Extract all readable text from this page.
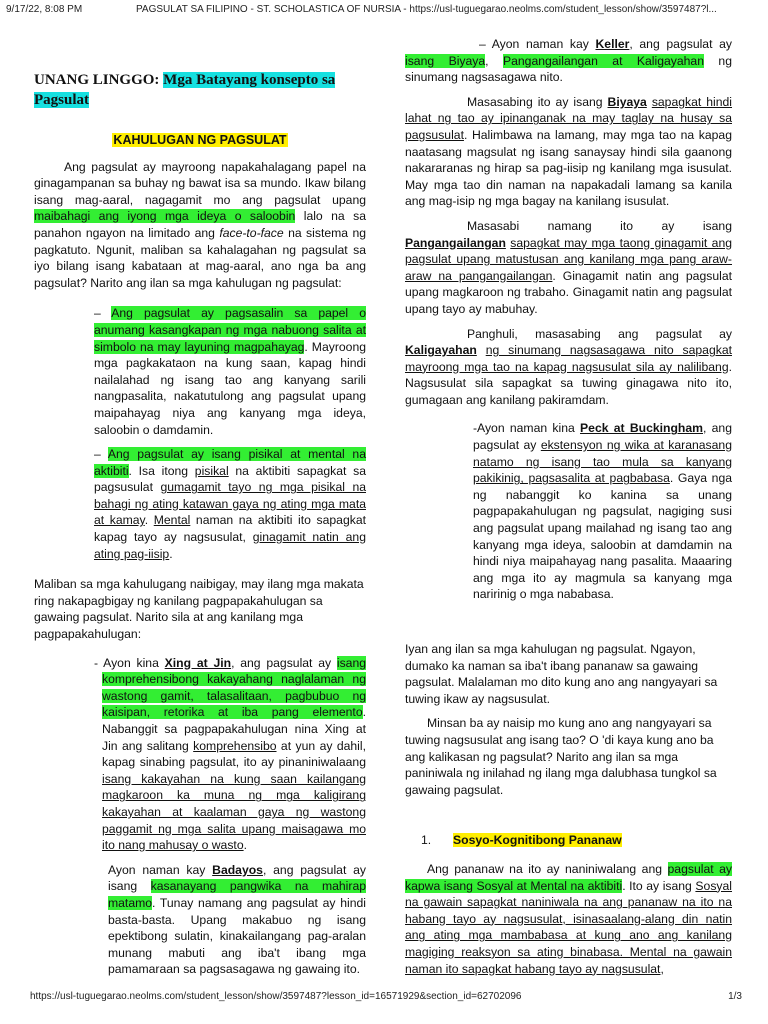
9/17/22, 8:08 PM	PAGSULAT SA FILIPINO - ST. SCHOLASTICA OF NURSIA - https://usl-tuguegarao.neolms.com/student_lesson/show/3597487?l...
UNANG LINGGO: Mga Batayang konsepto sa
Pagsulat
KAHULUGAN NG PAGSULAT

Ang pagsulat ay mayroong napakahalagang papel na ginagampanan sa buhay ng bawat isa sa mundo. Ikaw bilang isang mag-aaral, nagagamit mo ang pagsulat upang maibahagi ang iyong mga ideya o saloobin lalo na sa panahon ngayon na limitado ang face-to-face na sistema ng pagkatuto. Ngunit, maliban sa kahalagahan ng pagsulat sa iyo bilang isang kabataan at mag-aaral, ano nga ba ang pagsulat? Narito ang ilan sa mga kahulugan ng pagsulat:

– Ang pagsulat ay pagsasalin sa papel o anumang kasangkapan ng mga nabuong salita at simbolo na may layuning magpahayag. Mayroong mga pagkakataon na kung saan, kapag hindi nailalahad ng isang tao ang kanyang sarili nangpasalita, nakatutulong ang pagsulat upang maipahayag niya ang kanyang mga ideya, saloobin o damdamin.

– Ang pagsulat ay isang pisikal at mental na aktibiti. Isa itong pisikal na aktibiti sapagkat sa pagsusulat gumagamit tayo ng mga pisikal na bahagi ng ating katawan gaya ng ating mga mata at kamay. Mental naman na aktibiti ito sapagkat kapag tayo ay nagsusulat, ginagamit natin ang ating pag-iisip.

Maliban sa mga kahulugang naibigay, may ilang mga makata ring nakapagbigay ng kanilang pagpapakahulugan sa gawaing pagsulat. Narito sila at ang kanilang mga pagpapakahulugan:

- Ayon kina Xing at Jin, ang pagsulat ay isang komprehensibong kakayahang naglalaman ng wastong gamit, talasalitaan, pagbubuo ng kaisipan, retorika at iba pang elemento. Nabanggit sa pagpapakahulugan nina Xing at Jin ang salitang komprehensibo at yun ay dahil, kapag sinabing pagsulat, ito ay pinaniniwalaang isang kakayahan na kung saan kailangang magkaroon ka muna ng mga kaligirang kakayahan at kaalaman gaya ng wastong paggamit ng mga salita upang maisagawa mo ito nang mahusay o wasto.

Ayon naman kay Badayos, ang pagsulat ay isang kasanayang pangwika na mahirap matamo. Tunay namang ang pagsulat ay hindi basta-basta. Upang makabuo ng isang epektibong sulatin, kinakailangang pag-aralan munang mabuti ang iba't ibang mga pamamaraan sa pagsasagawa ng gawaing ito.

– Ayon naman kay Keller, ang pagsulat ay isang Biyaya, Pangangailangan at Kaligayahan ng sinumang nagsasagawa nito.

Masasabing ito ay isang Biyaya sapagkat hindi lahat ng tao ay ipinanganak na may taglay na husay sa pagsusulat. Halimbawa na lamang, may mga tao na kapag naatasang magsulat ng isang sanaysay hindi sila gaanong nakararanas ng hirap sa pag-iisip ng kanilang mga isusulat. May mga tao din naman na napakadali lamang sa kanila ang mag-isip ng mga bagay na kanilang isusulat.

Masasabi namang ito ay isang Pangangailangan sapagkat may mga taong ginagamit ang pagsulat upang matustusan ang kanilang mga pang araw-araw na pangangailangan. Ginagamit natin ang pagsulat upang magkaroon ng trabaho. Ginagamit natin ang pagsulat upang tayo ay mabuhay.

Panghuli, masasabing ang pagsulat ay Kaligayahan ng sinumang nagsasagawa nito sapagkat mayroong mga tao na kapag nagsusulat sila ay nalilibang. Nagsusulat sila sapagkat sa tuwing ginagawa nito ito, gumagaan ang kanilang pakiramdam.

-Ayon naman kina Peck at Buckingham, ang pagsulat ay ekstensyon ng wika at karanasang natamo ng isang tao mula sa kanyang pakikinig, pagsasalita at pagbabasa. Gaya nga ng nabanggit ko kanina sa unang pagpapakahulugan ng pagsulat, nagiging susi ang pagsulat upang mailahad ng isang tao ang kanyang mga ideya, saloobin at damdamin na hindi niya maipahayag nang pasalita. Maaaring ang mga ito ay magmula sa kanyang mga naririnig o mga nababasa.

Iyan ang ilan sa mga kahulugan ng pagsulat. Ngayon, dumako ka naman sa iba't ibang pananaw sa gawaing pagsulat. Malalaman mo dito kung ano ang nangyayari sa tuwing ikaw ay nagsusulat.

Minsan ba ay naisip mo kung ano ang nangyayari sa tuwing nagsusulat ang isang tao? O 'di kaya kung ano ba ang kalikasan ng pagsulat? Narito ang ilan sa mga paniniwala ng inilahad ng ilang mga dalubhasa tungkol sa gawaing pagsulat.

1. Sosyo-Kognitibong Pananaw

Ang pananaw na ito ay naniniwalang ang pagsulat ay kapwa isang Sosyal at Mental na aktibiti. Ito ay isang Sosyal na gawain sapagkat naniniwala na ang pananaw na ito na habang tayo ay nagsusulat, isinasaalang-alang din natin ang ating mga mambabasa at kung ano ang kanilang magiging reaksyon sa ating binabasa. Mental na gawain naman ito sapagkat habang tayo ay nagsusulat,

https://usl-tuguegarao.neolms.com/student_lesson/show/3597487?lesson_id=16571929&section_id=62702096	1/3
